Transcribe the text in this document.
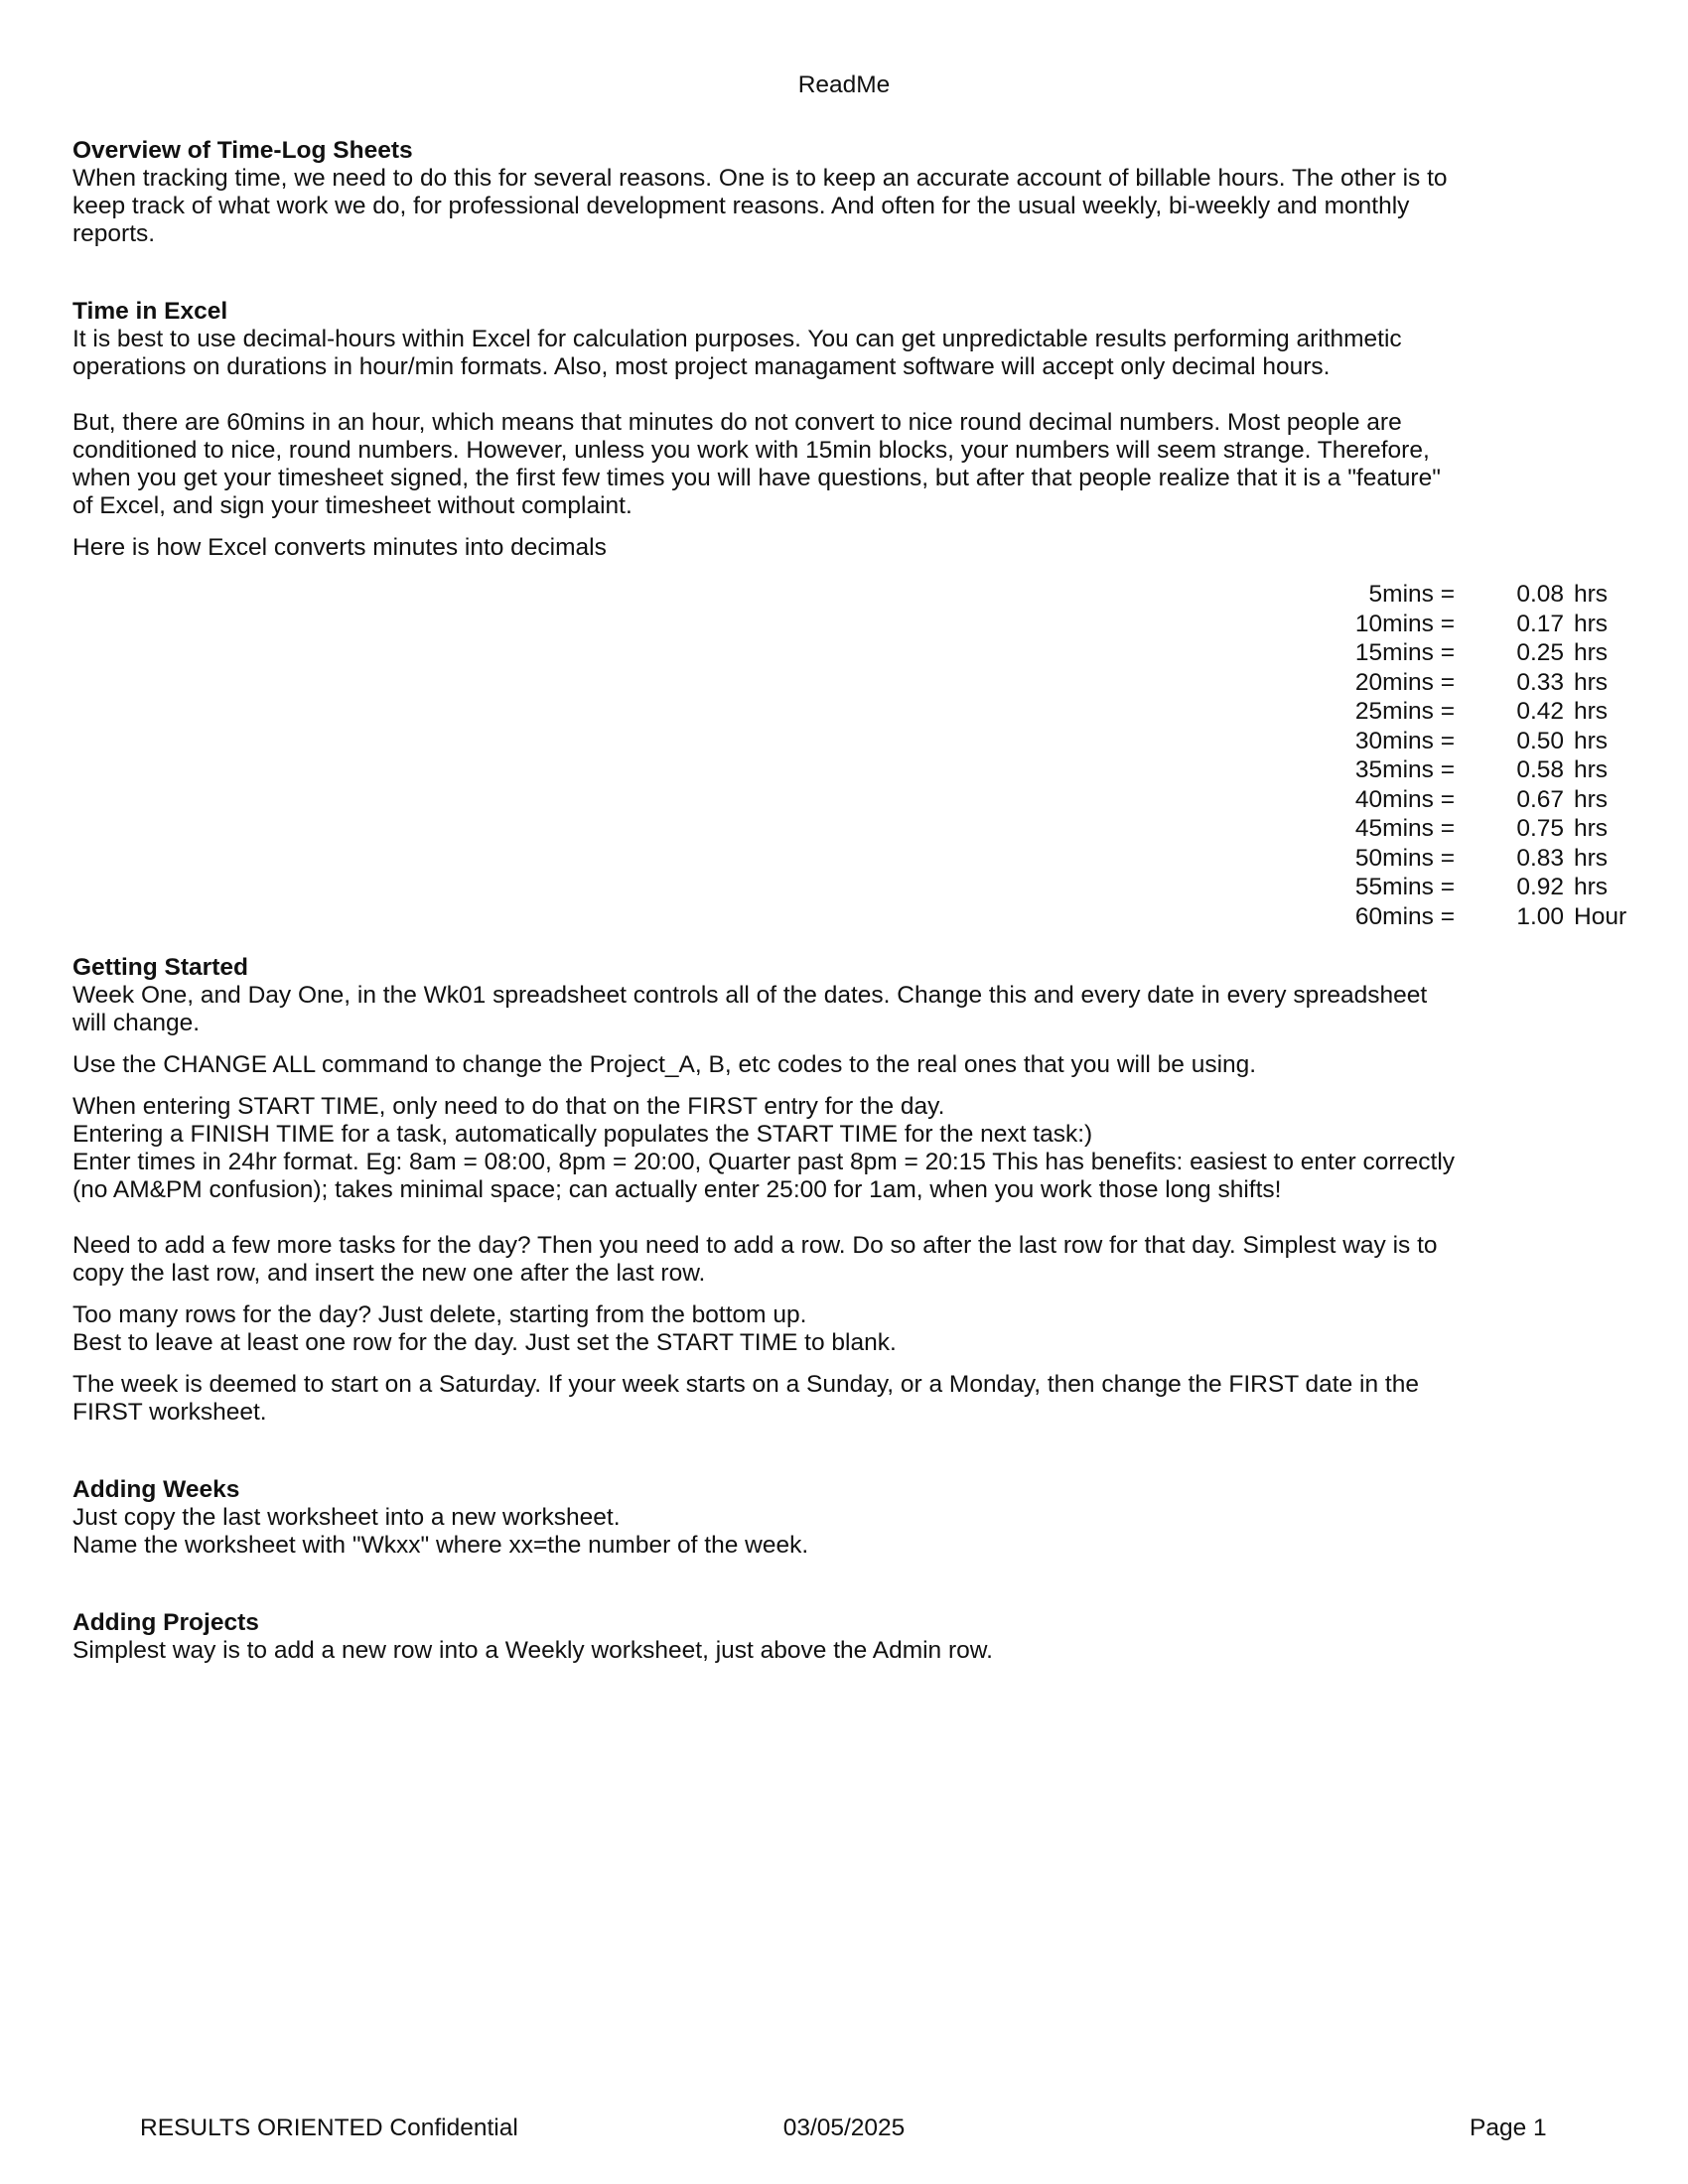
ReadMe

Overview of Time-Log Sheets

When tracking time, we need to do this for several reasons. One is to keep an accurate account of billable hours. The other is to keep track of what work we do, for professional development reasons. And often for the usual weekly, bi-weekly and monthly reports.

Time in Excel

It is best to use decimal-hours within Excel for calculation purposes. You can get unpredictable results performing arithmetic operations on durations in hour/min formats. Also, most project managament software will accept only decimal hours.

But, there are 60mins in an hour, which means that minutes do not convert to nice round decimal numbers. Most people are conditioned to nice, round numbers. However, unless you work with 15min blocks, your numbers will seem strange. Therefore, when you get your timesheet signed, the first few times you will have questions, but after that people realize that it is a "feature" of Excel, and sign your timesheet without complaint.

Here is how Excel converts minutes into decimals

Getting Started

Week One, and Day One, in the Wk01 spreadsheet controls all of the dates. Change this and every date in every spreadsheet will change.

Use the CHANGE ALL command to change the Project_A, B, etc codes to the real ones that you will be using.

When entering START TIME, only need to do that on the FIRST entry for the day.

Entering a FINISH TIME for a task, automatically populates the START TIME for the next task:)

Enter times in 24hr format. Eg: 8am = 08:00, 8pm = 20:00, Quarter past 8pm = 20:15 This has benefits: easiest to enter correctly (no AM&PM confusion); takes minimal space; can actually enter 25:00 for 1am, when you work those long shifts!

Need to add a few more tasks for the day? Then you need to add a row. Do so after the last row for that day. Simplest way is to copy the last row, and insert the new one after the last row.

Too many rows for the day? Just delete, starting from the bottom up.

Best to leave at least one row for the day. Just set the START TIME to blank.

The week is deemed to start on a Saturday. If your week starts on a Sunday, or a Monday, then change the FIRST date in the FIRST worksheet.

Adding Weeks

Just copy the last worksheet into a new worksheet.

Name the worksheet with "Wkxx" where xx=the number of the week.

Adding Projects

Simplest way is to add a new row into a Weekly worksheet, just above the Admin row.

5mins =	0.08	hrs
10mins =	0.17	hrs
15mins =	0.25	hrs
20mins =	0.33	hrs
25mins =	0.42	hrs
30mins =	0.50	hrs
35mins =	0.58	hrs
40mins =	0.67	hrs
45mins =	0.75	hrs
50mins =	0.83	hrs
55mins =	0.92	hrs
60mins =	1.00	Hour

RESULTS ORIENTED Confidential	03/05/2025	Page 1
